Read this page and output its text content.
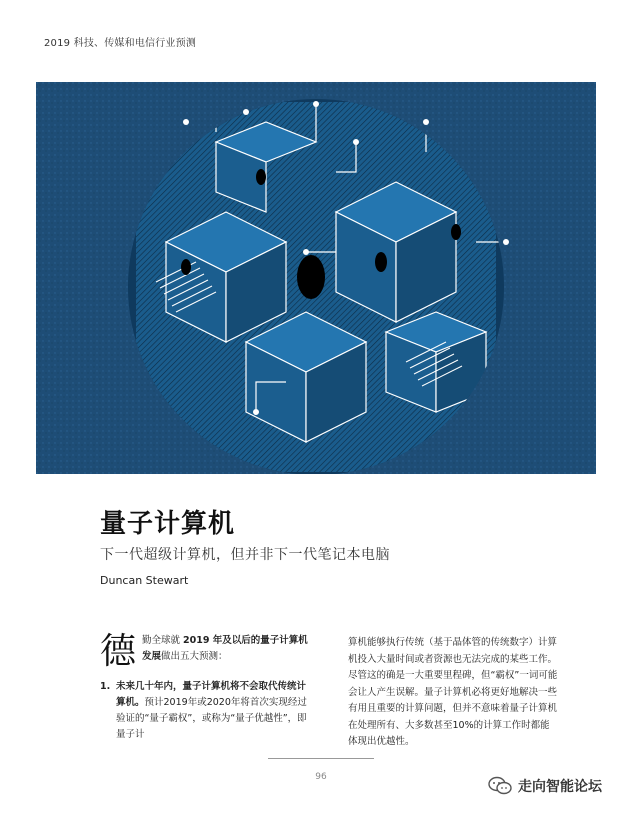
2019 科技、传媒和电信行业预测
量子计算机
下一代超级计算机，但并非下一代笔记本电脑
Duncan Stewart
德勤全球就 2019 年及以后的量子计算机发展做出五大预测：
1. 未来几十年内，量子计算机将不会取代传统计算机。预计2019年或2020年将首次实现经过验证的“量子霸权”，或称为“量子优越性”，即量子计
算机能够执行传统（基于晶体管的传统数字）计算机投入大量时间或者资源也无法完成的某些工作。尽管这的确是一大重要里程碑，但“霸权”一词可能会让人产生误解。量子计算机必将更好地解决一些有用且重要的计算问题，但并不意味着量子计算机在处理所有、大多数甚至10%的计算工作时都能体现出优越性。
96
走向智能论坛
